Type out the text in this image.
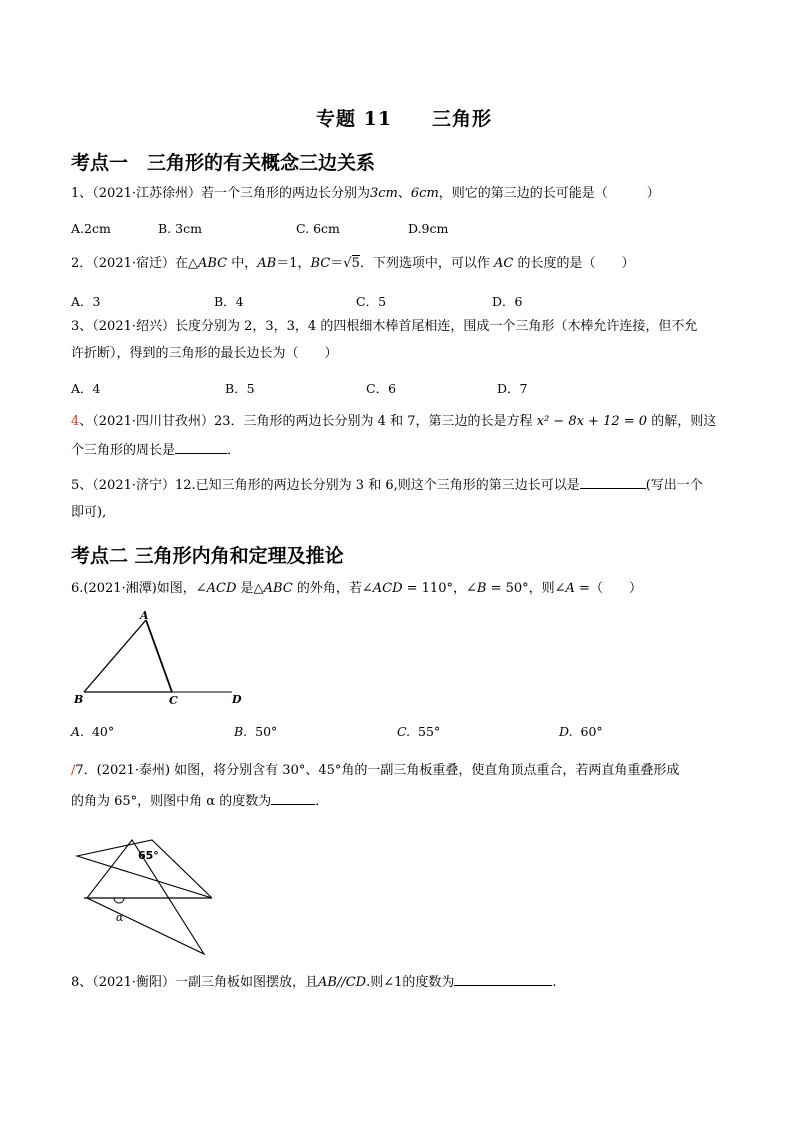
专题 11　　三角形
考点一　三角形的有关概念三边关系
1、（2021·江苏徐州）若一个三角形的两边长分别为3cm、6cm，则它的第三边的长可能是（　　　）
A.2cm	B. 3cm	C. 6cm	D.9cm
2．（2021·宿迁）在△ABC 中，AB＝1，BC＝√5．下列选项中，可以作 AC 的长度的是（　　）
A．3	B．4	C．5	D．6
3、（2021·绍兴）长度分别为 2，3，3，4 的四根细木棒首尾相连，围成一个三角形（木棒允许连接，但不允
许折断），得到的三角形的最长边长为（　　）
A．4	B．5	C．6	D．7
4、（2021·四川甘孜州）23．三角形的两边长分别为 4 和 7，第三边的长是方程 x² − 8x + 12 = 0 的解，则这
个三角形的周长是	．
5、（2021·济宁）12.已知三角形的两边长分别为 3 和 6,则这个三角形的第三边长可以是	(写出一个
即可),
考点二 三角形内角和定理及推论
6.(2021·湘潭)如图，∠ACD 是△ABC 的外角，若∠ACD = 110°，∠B = 50°，则∠A =（　　）
A
B	C	D
A. 40°	B. 50°	C. 55°	D. 60°
/7．(2021·泰州) 如图，将分别含有 30°、45°角的一副三角板重叠，使直角顶点重合，若两直角重叠形成
的角为 65°，则图中角 α 的度数为	．
65°
α
8、（2021·衡阳）一副三角板如图摆放，且AB//CD.则∠1的度数为	.
